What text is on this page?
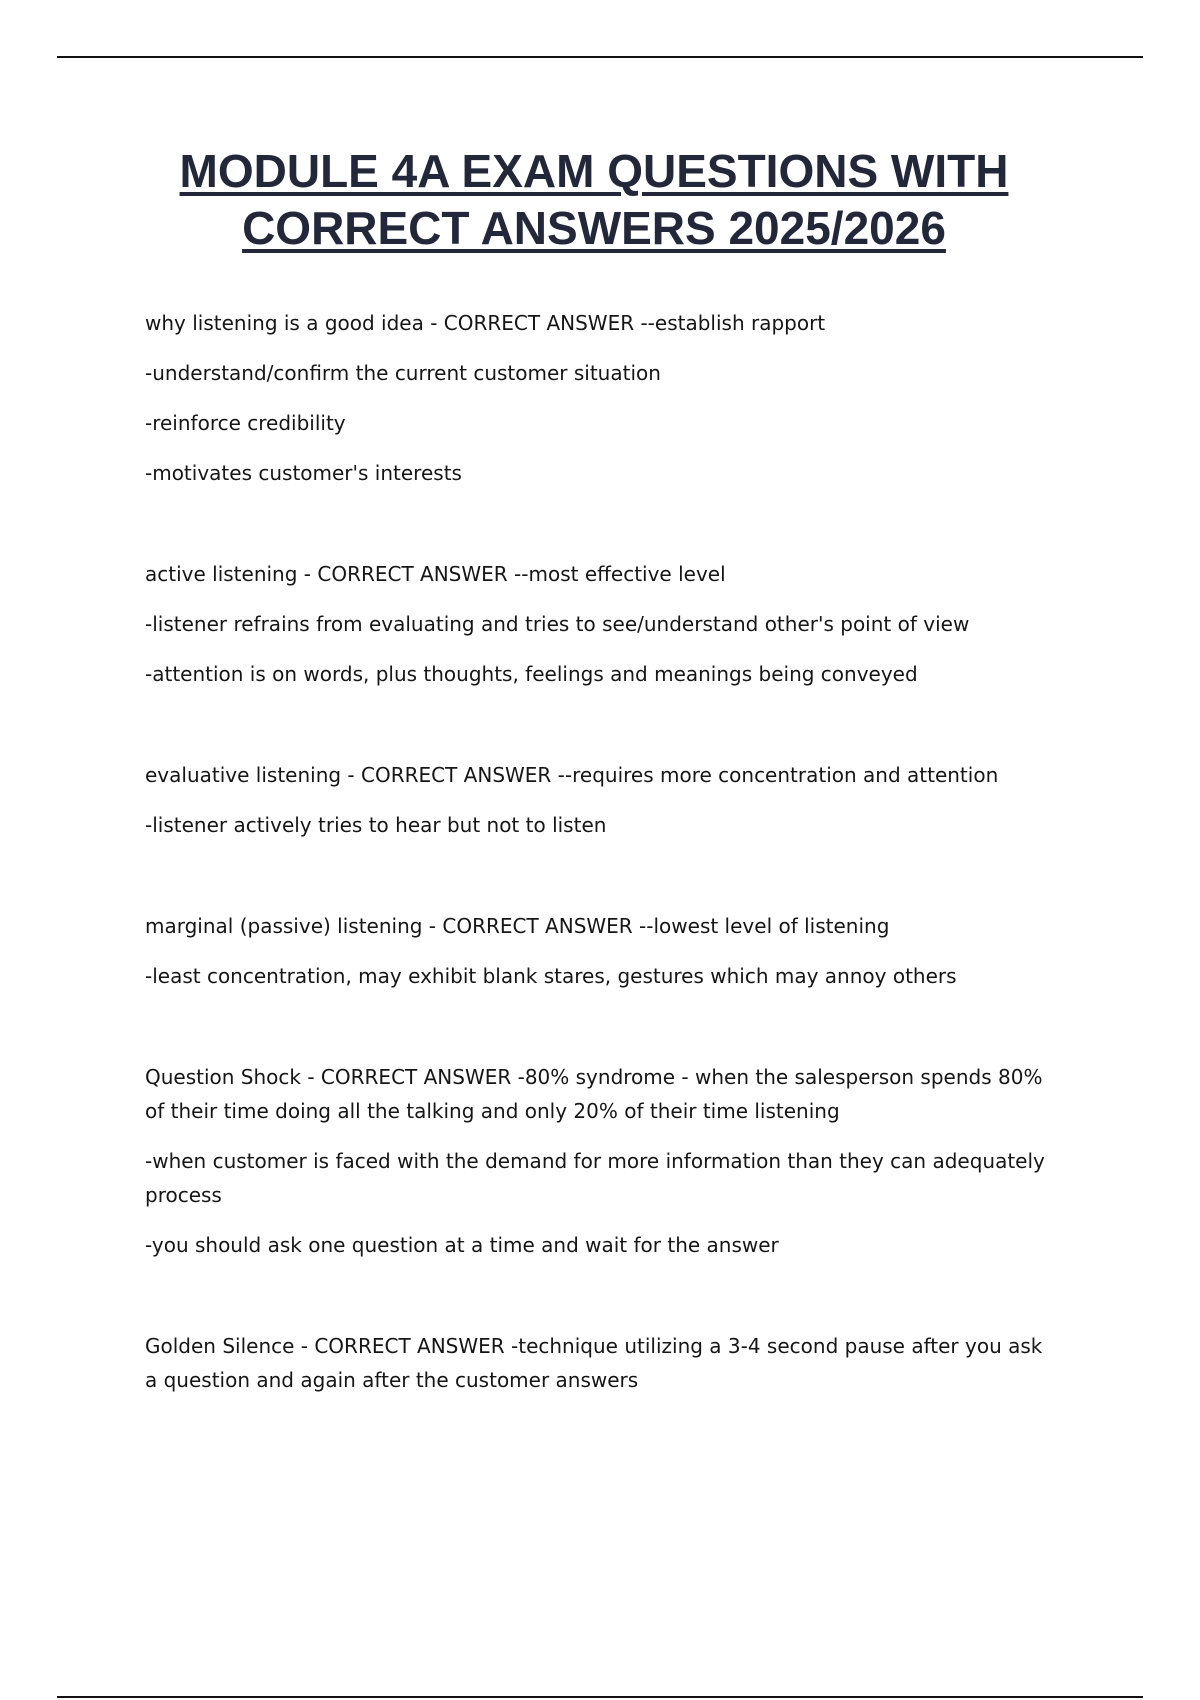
MODULE 4A EXAM QUESTIONS WITH
CORRECT ANSWERS 2025/2026

why listening is a good idea - CORRECT ANSWER --establish rapport

-understand/confirm the current customer situation

-reinforce credibility

-motivates customer's interests

active listening - CORRECT ANSWER --most effective level

-listener refrains from evaluating and tries to see/understand other's point of view

-attention is on words, plus thoughts, feelings and meanings being conveyed

evaluative listening - CORRECT ANSWER --requires more concentration and attention

-listener actively tries to hear but not to listen

marginal (passive) listening - CORRECT ANSWER --lowest level of listening

-least concentration, may exhibit blank stares, gestures which may annoy others

Question Shock - CORRECT ANSWER -80% syndrome - when the salesperson spends 80% of their time doing all the talking and only 20% of their time listening

-when customer is faced with the demand for more information than they can adequately process

-you should ask one question at a time and wait for the answer

Golden Silence - CORRECT ANSWER -technique utilizing a 3-4 second pause after you ask a question and again after the customer answers
